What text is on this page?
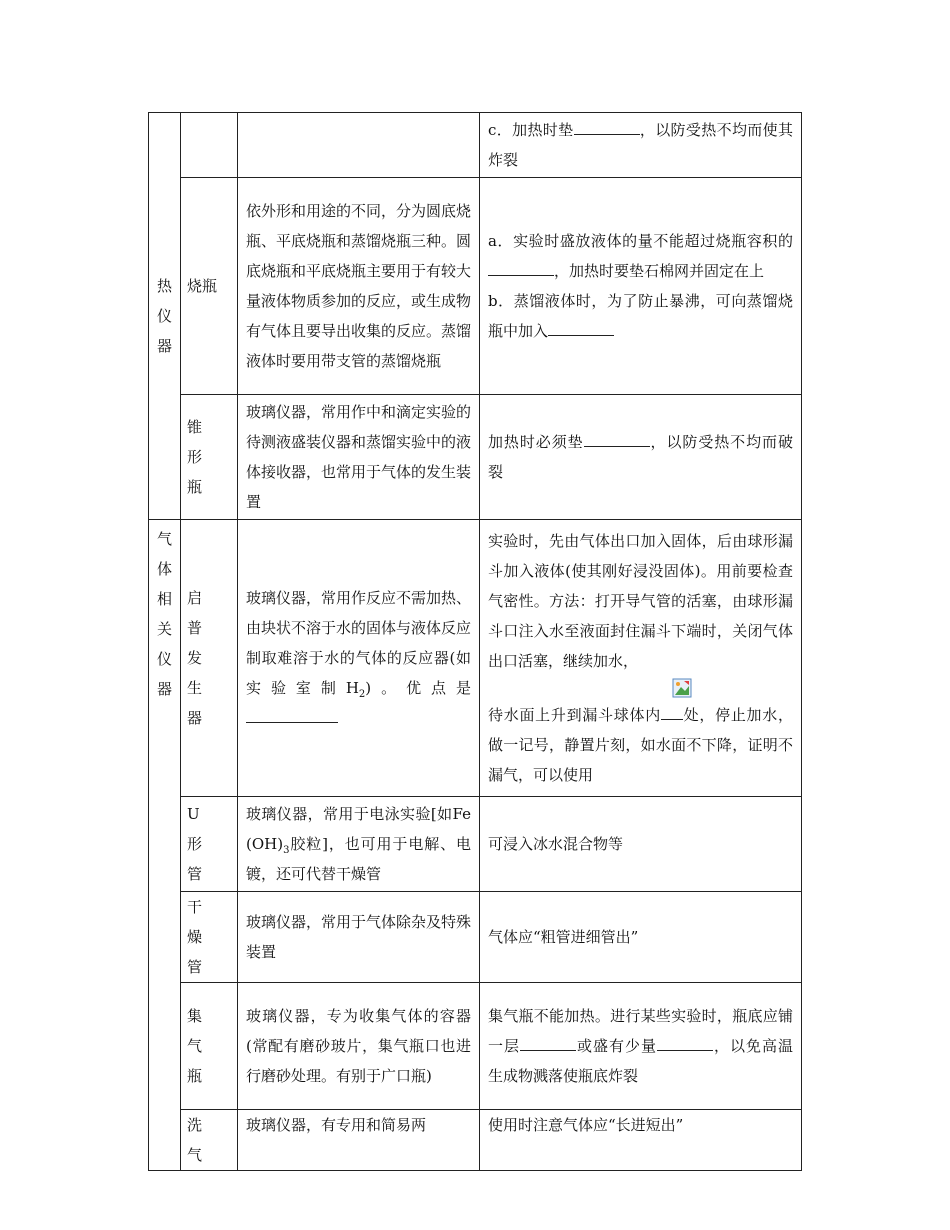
热仪器			c．加热时垫 ，以防受热不均而使其炸裂
	烧瓶	依外形和用途的不同，分为圆底烧瓶、平底烧瓶和蒸馏烧瓶三种。圆底烧瓶和平底烧瓶主要用于有较大量液体物质参加的反应，或生成物有气体且要导出收集的反应。蒸馏液体时要用带支管的蒸馏烧瓶	a．实验时盛放液体的量不能超过烧瓶容积的，加热时要垫石棉网并固定在上
b．蒸馏液体时，为了防止暴沸，可向蒸馏烧瓶中加入
	锥形瓶	玻璃仪器，常用作中和滴定实验的待测液盛装仪器和蒸馏实验中的液体接收器，也常用于气体的发生装置	加热时必须垫 ，以防受热不均而破裂
气体相关仪器	启普发生器	玻璃仪器，常用作反应不需加热、由块状不溶于水的固体与液体反应制取难溶于水的气体的反应器(如实验室制$H_2$)。优点是	实验时，先由气体出口加入固体，后由球形漏斗加入液体(使其刚好浸没固体)。用前要检查气密性。方法：打开导气管的活塞，由球形漏斗口注入水至液面封住漏斗下端时，关闭气体出口活塞，继续加水，
待水面上升到漏斗球体内 处，停止加水，做一记号，静置片刻，如水面不下降，证明不漏气，可以使用
	U 形管	玻璃仪器，常用于电泳实验[如$Fe(OH)_3$胶粒]，也可用于电解、电镀，还可代替干燥管	可浸入冰水混合物等
	干燥管	玻璃仪器，常用于气体除杂及特殊装置	气体应“粗管进细管出”
	集气瓶	玻璃仪器，专为收集气体的容器(常配有磨砂玻片，集气瓶口也进行磨砂处理。有别于广口瓶)	集气瓶不能加热。进行某些实验时，瓶底应铺一层 或盛有少量 ，以免高温生成物溅落使瓶底炸裂
	洗气	玻璃仪器，有专用和简易两	使用时注意气体应“长进短出”
